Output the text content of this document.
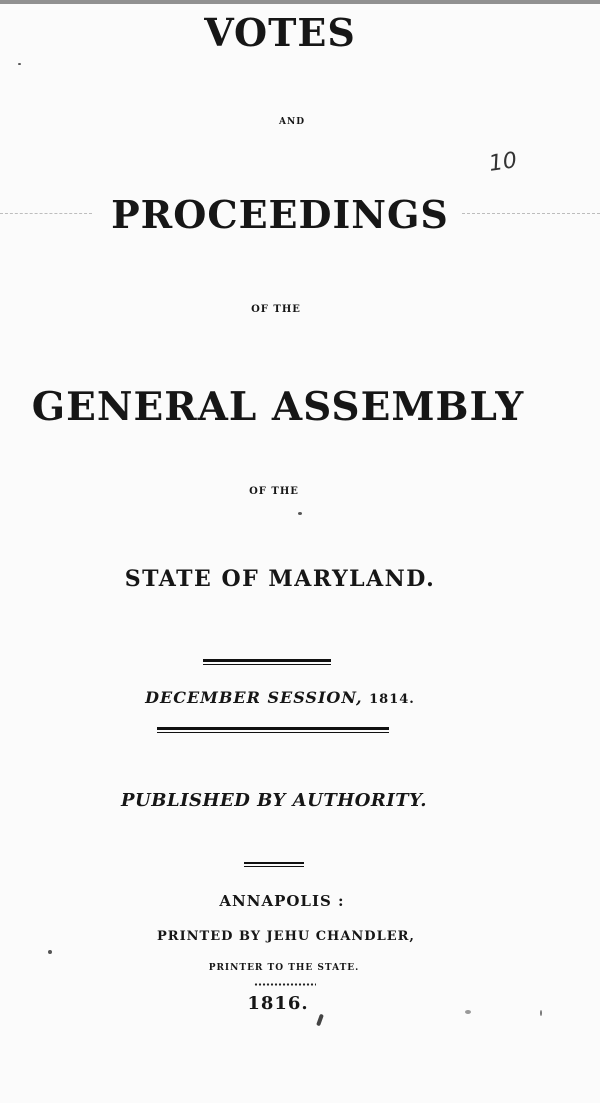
VOTES
AND
PROCEEDINGS
10
OF THE
GENERAL ASSEMBLY
OF THE
STATE OF MARYLAND.
DECEMBER SESSION, 1814.
PUBLISHED BY AUTHORITY.
ANNAPOLIS :
PRINTED BY JEHU CHANDLER,
PRINTER TO THE STATE.
1816.
